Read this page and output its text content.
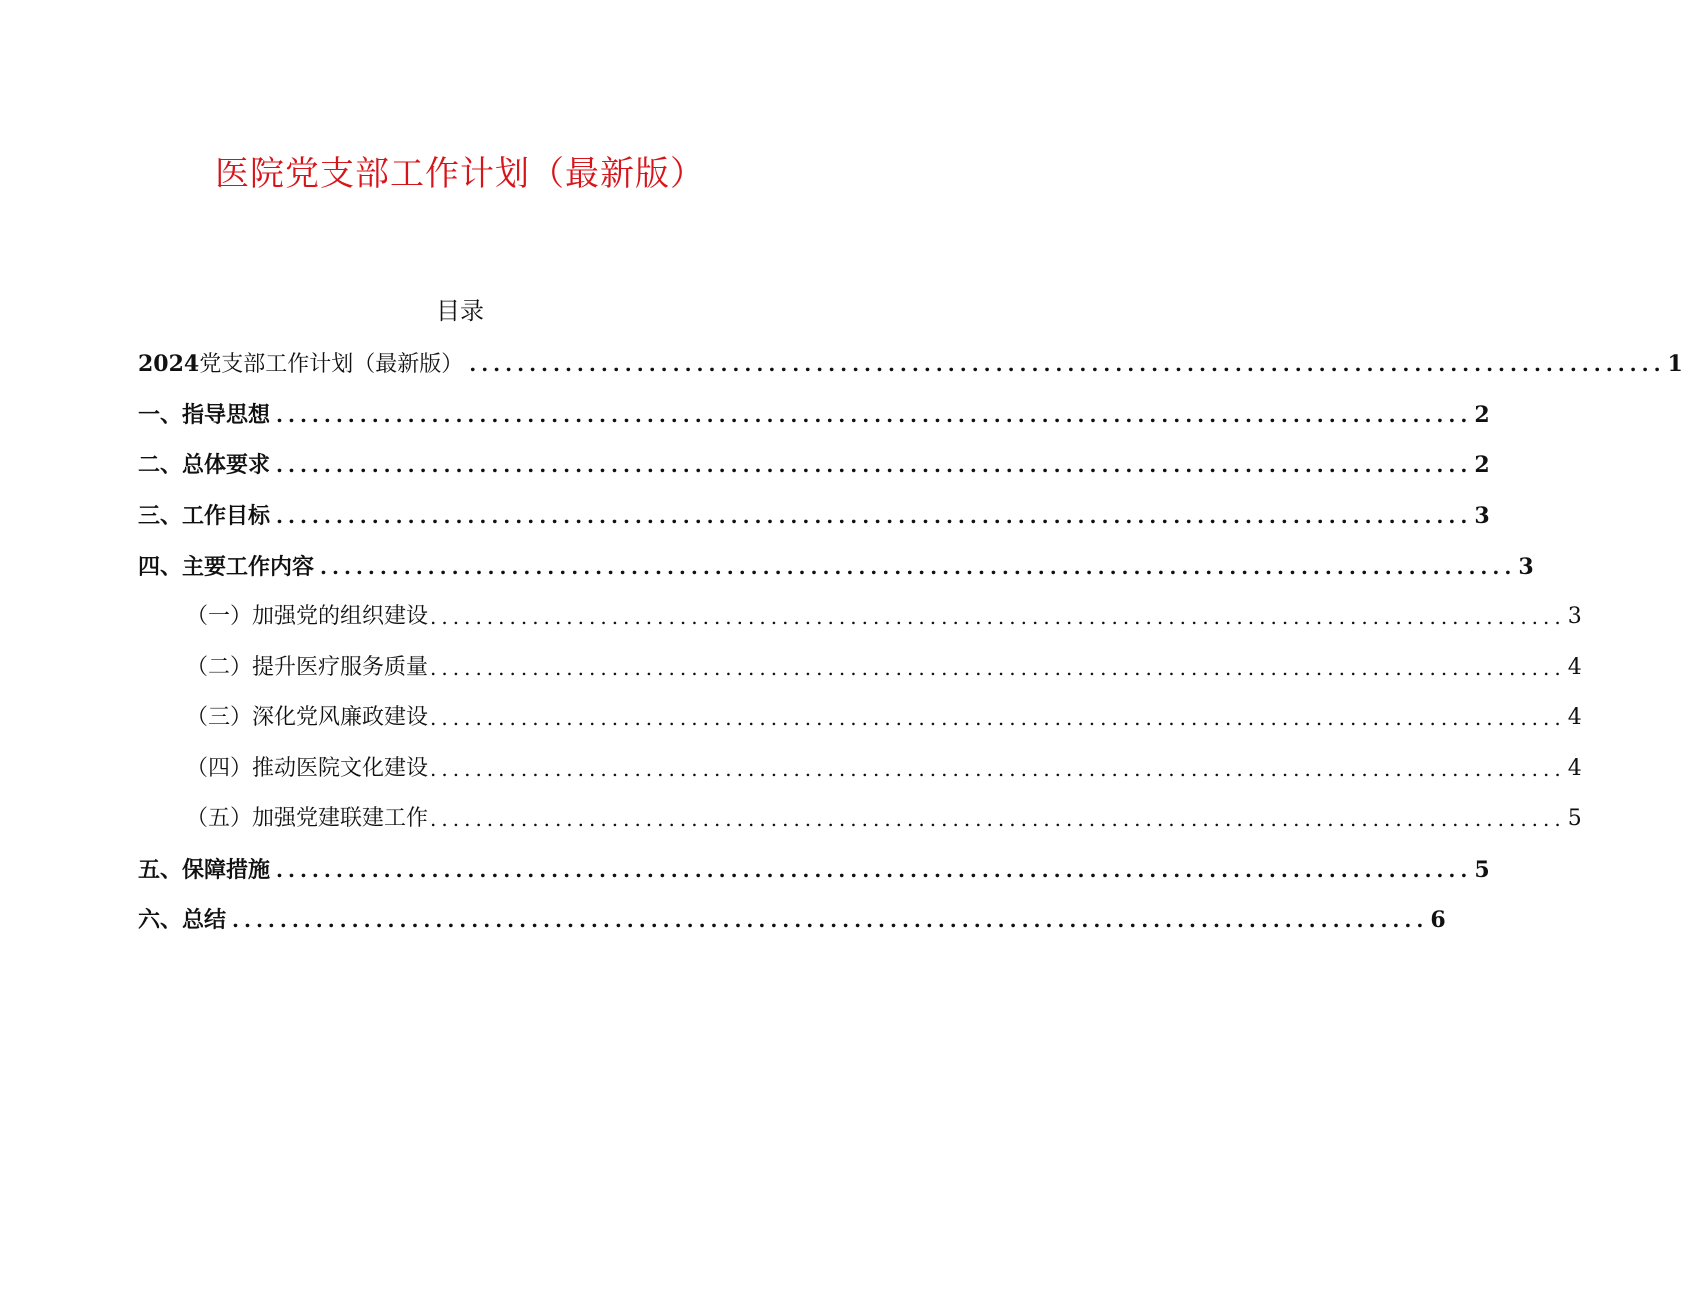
医院党支部工作计划（最新版）
目录
2024党支部工作计划（最新版） .................................................................................................... 1
一、指导思想 .................................................................................................... 2
二、总体要求 .................................................................................................... 2
三、工作目标 .................................................................................................... 3
四、主要工作内容 .................................................................................................... 3
（一）加强党的组织建设 .................................................................................................... 3
（二）提升医疗服务质量 .................................................................................................... 4
（三）深化党风廉政建设 .................................................................................................... 4
（四）推动医院文化建设 .................................................................................................... 4
（五）加强党建联建工作 .................................................................................................... 5
五、保障措施 .................................................................................................... 5
六、总结 .................................................................................................... 6
